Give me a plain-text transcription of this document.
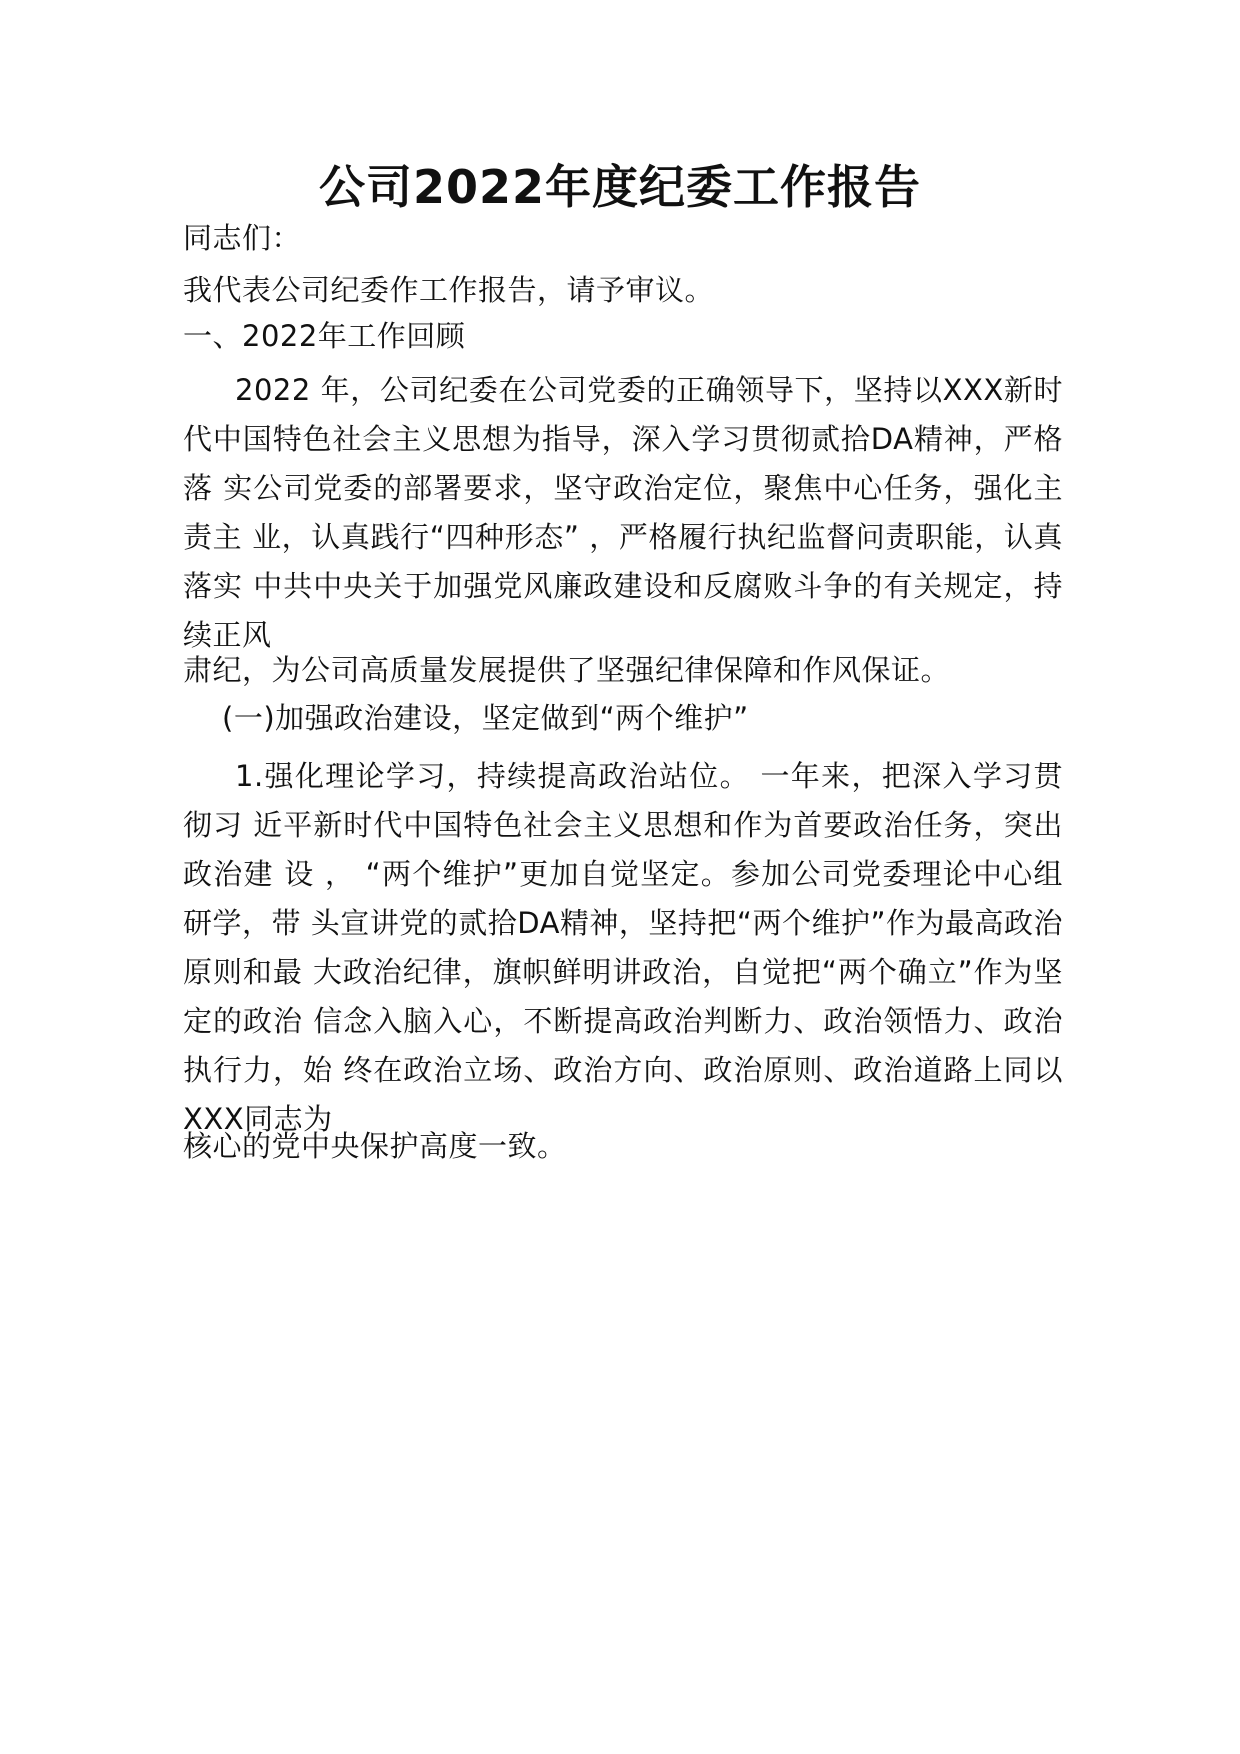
公司2022年度纪委工作报告
同志们：
我代表公司纪委作工作报告，请予审议。
一、2022年工作回顾
2022 年，公司纪委在公司党委的正确领导下，坚持以XXX新时代中国特色社会主义思想为指导，深入学习贯彻贰拾DA精神，严格落 实公司党委的部署要求，坚守政治定位，聚焦中心任务，强化主责主 业，认真践行“四种形态” ，严格履行执纪监督问责职能，认真落实 中共中央关于加强党风廉政建设和反腐败斗争的有关规定，持续正风
肃纪，为公司高质量发展提供了坚强纪律保障和作风保证。
(一)加强政治建设，坚定做到“两个维护”
1.强化理论学习，持续提高政治站位。 一年来，把深入学习贯彻习 近平新时代中国特色社会主义思想和作为首要政治任务，突出政治建 设 ， “两个维护”更加自觉坚定。参加公司党委理论中心组研学，带 头宣讲党的贰拾DA精神，坚持把“两个维护”作为最高政治原则和最 大政治纪律，旗帜鲜明讲政治，自觉把“两个确立”作为坚定的政治 信念入脑入心，不断提高政治判断力、政治领悟力、政治执行力，始 终在政治立场、政治方向、政治原则、政治道路上同以XXX同志为
核心的党中央保护高度一致。
